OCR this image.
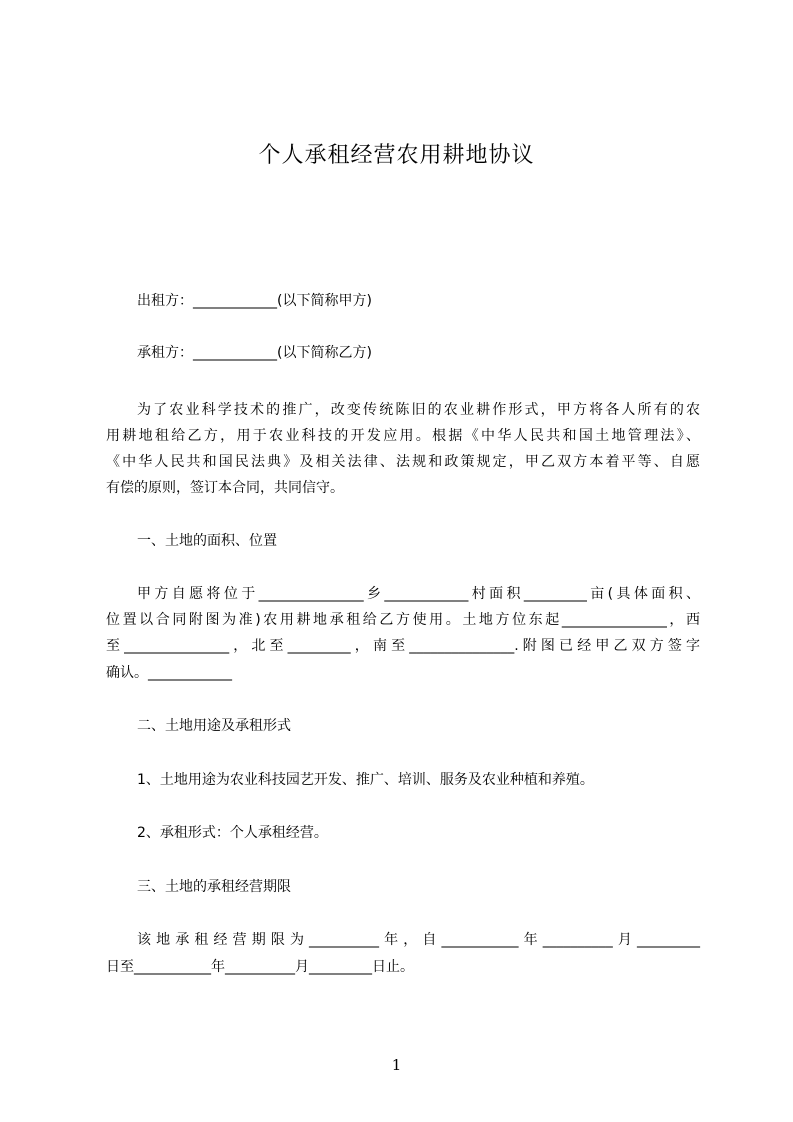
个人承租经营农用耕地协议
出租方：____________(以下简称甲方)
承租方：____________(以下简称乙方)
为了农业科学技术的推广，改变传统陈旧的农业耕作形式，甲方将各人所有的农
用耕地租给乙方，用于农业科技的开发应用。根据《中华人民共和国土地管理法》、
《中华人民共和国民法典》及相关法律、法规和政策规定，甲乙双方本着平等、自愿
有偿的原则，签订本合同，共同信守。
一、土地的面积、位置
甲方自愿将位于_______________乡____________村面积_________亩(具体面积、
位置以合同附图为准)农用耕地承租给乙方使用。土地方位东起_______________，西
至_______________，北至_________，南至_______________.附图已经甲乙双方签字
确认。____________
二、土地用途及承租形式
1、土地用途为农业科技园艺开发、推广、培训、服务及农业种植和养殖。
2、承租形式：个人承租经营。
三、土地的承租经营期限
该地承租经营期限为__________年，自___________年__________月_________
日至___________年__________月_________日止。
1
